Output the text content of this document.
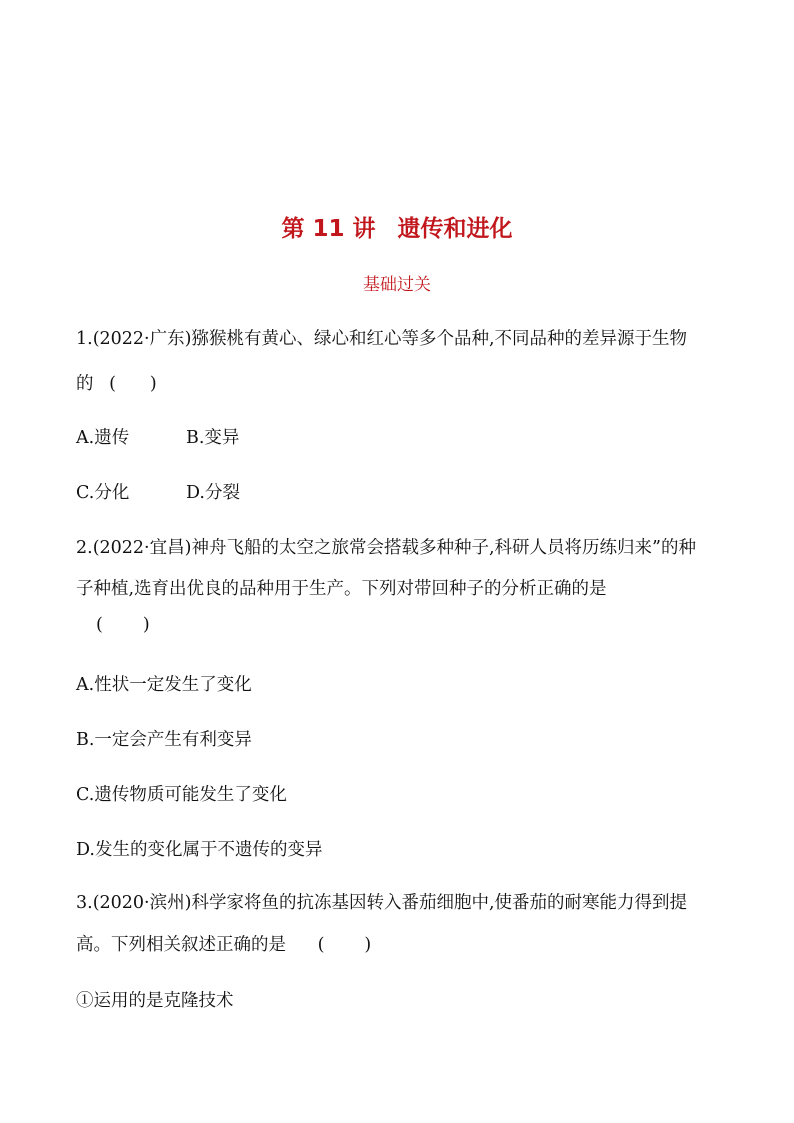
第 11 讲 遗传和进化
基础过关
1.(2022·广东)猕猴桃有黄心、绿心和红心等多个品种,不同品种的差异源于生物
的 ( )
A.遗传	B.变异
C.分化	D.分裂
2.(2022·宜昌)神舟飞船的太空之旅常会搭载多种种子,科研人员将历练归来”的种
子种植,选育出优良的品种用于生产。下列对带回种子的分析正确的是
( )
A.性状一定发生了变化
B.一定会产生有利变异
C.遗传物质可能发生了变化
D.发生的变化属于不遗传的变异
3.(2020·滨州)科学家将鱼的抗冻基因转入番茄细胞中,使番茄的耐寒能力得到提
高。下列相关叙述正确的是 ( )
①运用的是克隆技术
